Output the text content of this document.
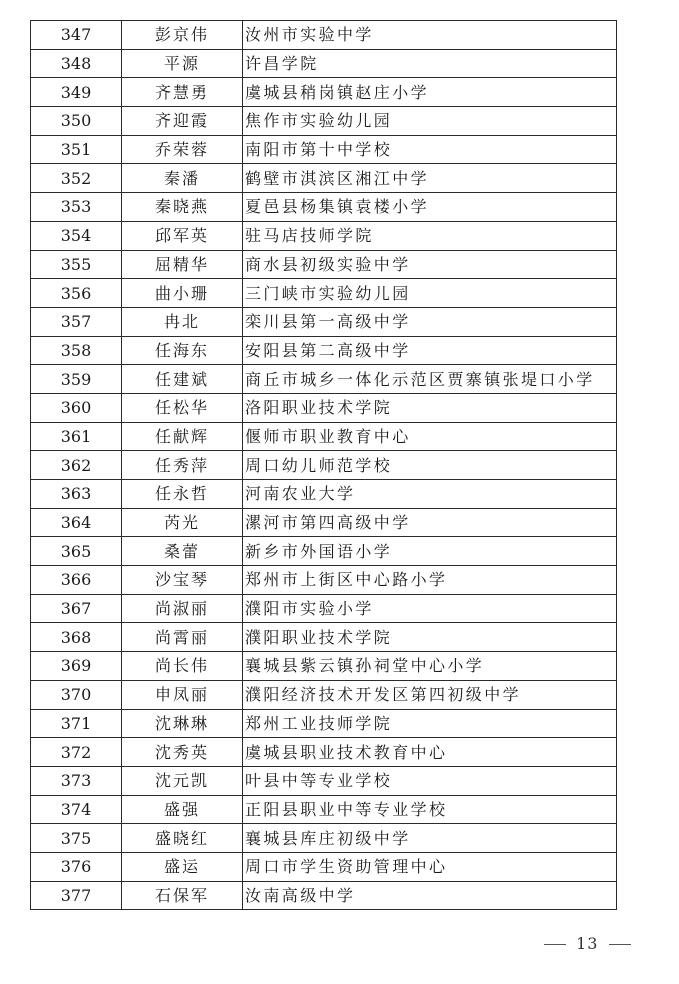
347	彭京伟	汝州市实验中学
348	平源	许昌学院
349	齐慧勇	虞城县稍岗镇赵庄小学
350	齐迎霞	焦作市实验幼儿园
351	乔荣蓉	南阳市第十中学校
352	秦潘	鹤壁市淇滨区湘江中学
353	秦晓燕	夏邑县杨集镇袁楼小学
354	邱军英	驻马店技师学院
355	屈精华	商水县初级实验中学
356	曲小珊	三门峡市实验幼儿园
357	冉北	栾川县第一高级中学
358	任海东	安阳县第二高级中学
359	任建斌	商丘市城乡一体化示范区贾寨镇张堤口小学
360	任松华	洛阳职业技术学院
361	任献辉	偃师市职业教育中心
362	任秀萍	周口幼儿师范学校
363	任永哲	河南农业大学
364	芮光	漯河市第四高级中学
365	桑蕾	新乡市外国语小学
366	沙宝琴	郑州市上街区中心路小学
367	尚淑丽	濮阳市实验小学
368	尚霄丽	濮阳职业技术学院
369	尚长伟	襄城县紫云镇孙祠堂中心小学
370	申凤丽	濮阳经济技术开发区第四初级中学
371	沈琳琳	郑州工业技师学院
372	沈秀英	虞城县职业技术教育中心
373	沈元凯	叶县中等专业学校
374	盛强	正阳县职业中等专业学校
375	盛晓红	襄城县库庄初级中学
376	盛运	周口市学生资助管理中心
377	石保军	汝南高级中学
13
